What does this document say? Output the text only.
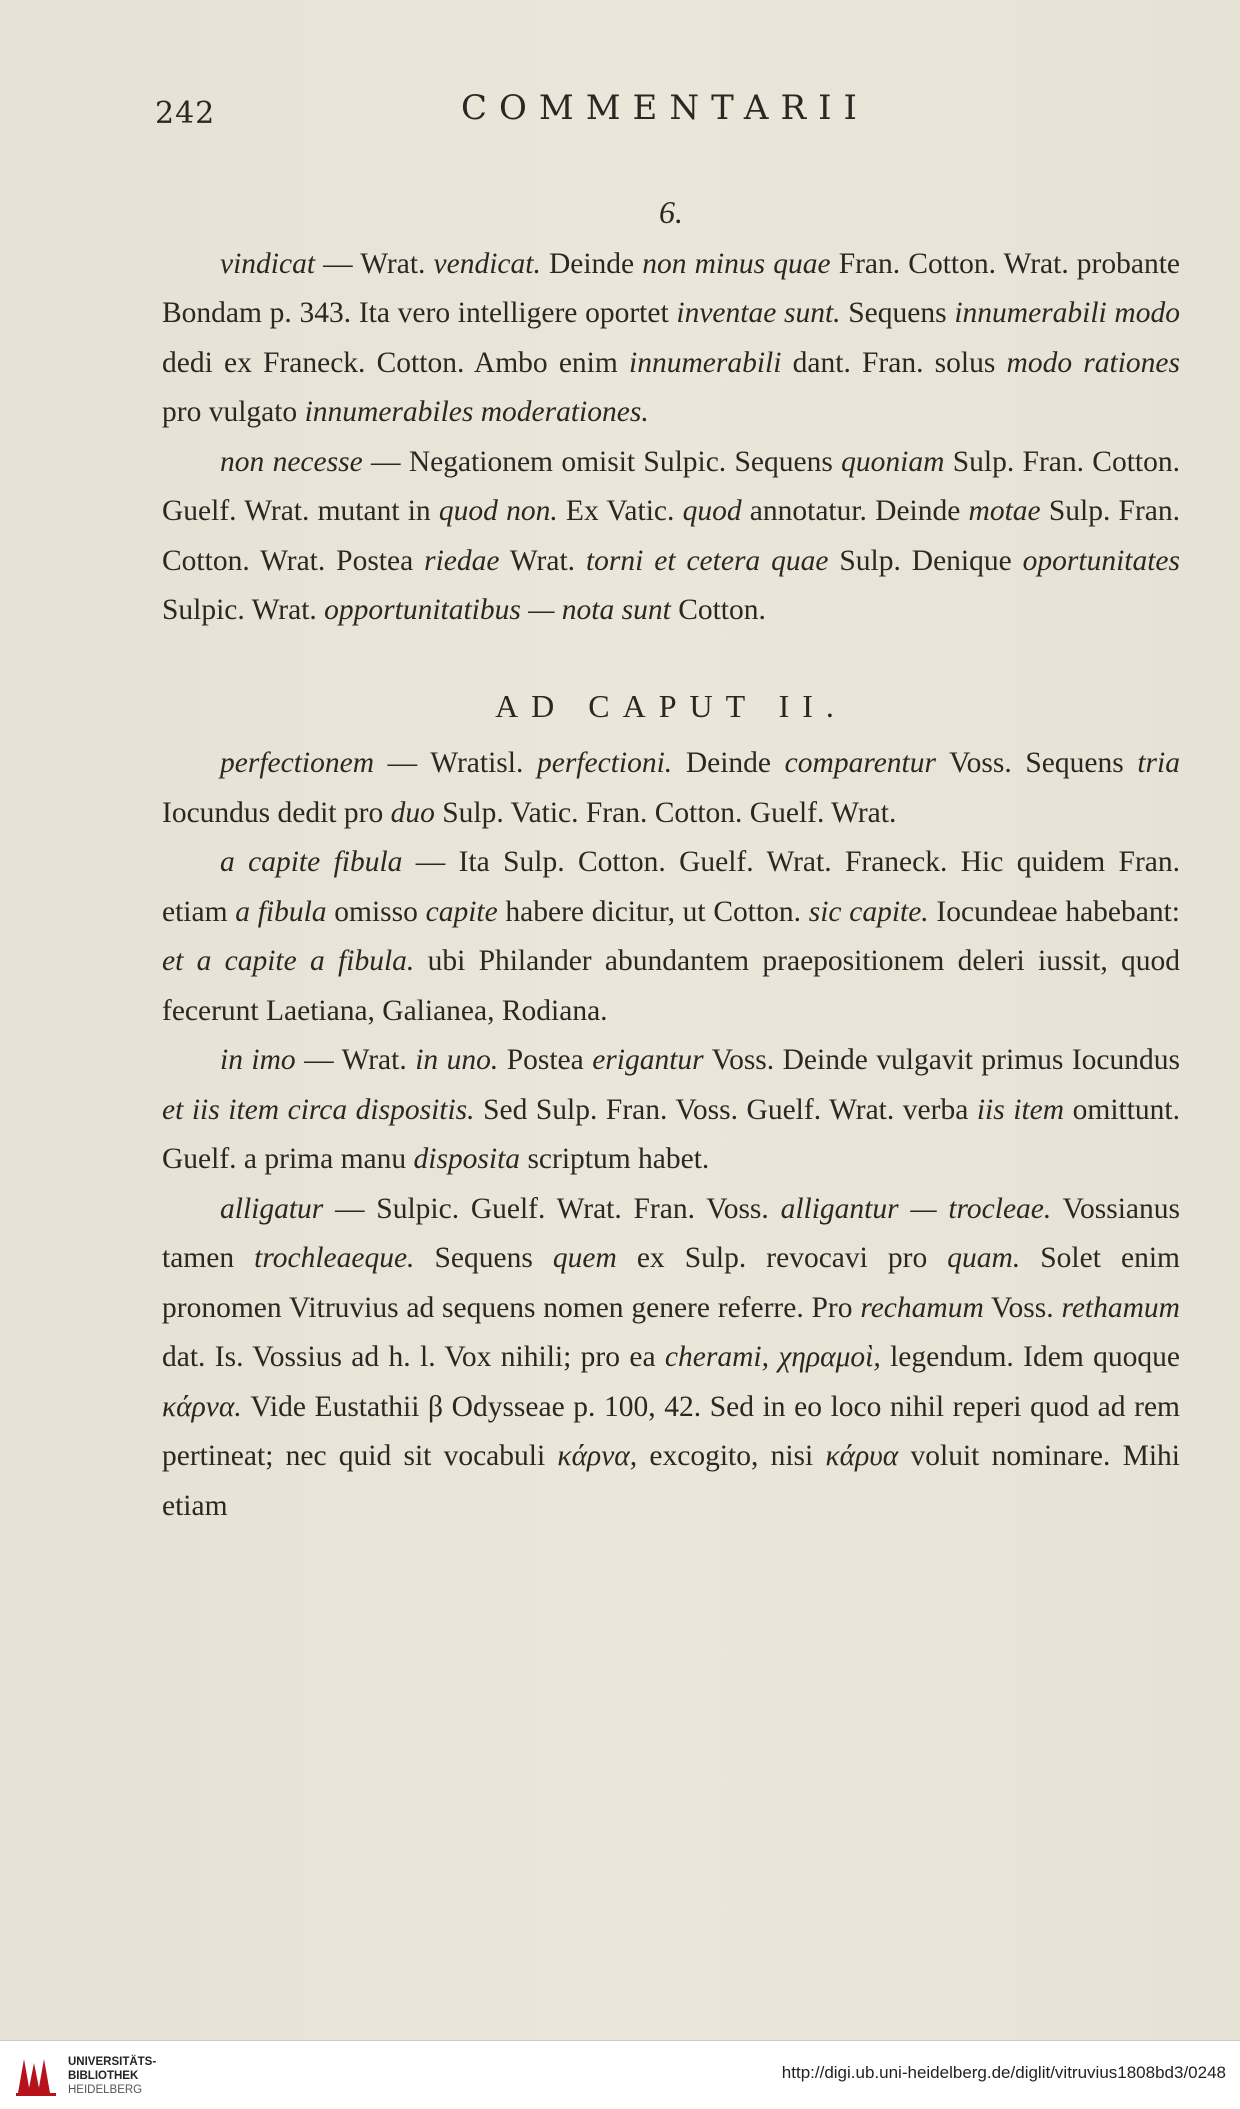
242	COMMENTARII

6.

vindicat — Wrat. vendicat. Deinde non minus quae Fran. Cotton. Wrat. probante Bondam p. 343. Ita vero intelligere oportet inventae sunt. Sequens innumerabili modo dedi ex Franeck. Cotton. Ambo enim innumerabili dant. Fran. solus modo rationes pro vulgato innumerabiles moderationes.

non necesse — Negationem omisit Sulpic. Sequens quoniam Sulp. Fran. Cotton. Guelf. Wrat. mutant in quod non. Ex Vatic. quod annotatur. Deinde motae Sulp. Fran. Cotton. Wrat. Postea riedae Wrat. torni et cetera quae Sulp. Denique oportunitates Sulpic. Wrat. opportunitatibus — nota sunt Cotton.

AD CAPUT II.

perfectionem — Wratisl. perfectioni. Deinde comparentur Voss. Sequens tria Iocundus dedit pro duo Sulp. Vatic. Fran. Cotton. Guelf. Wrat.

a capite fibula — Ita Sulp. Cotton. Guelf. Wrat. Franeck. Hic quidem Fran. etiam a fibula omisso capite habere dicitur, ut Cotton. sic capite. Iocundeae habebant: et a capite a fibula. ubi Philander abundantem praepositionem deleri iussit, quod fecerunt Laetiana, Galianea, Rodiana.

in imo — Wrat. in uno. Postea erigantur Voss. Deinde vulgavit primus Iocundus et iis item circa dispositis. Sed Sulp. Fran. Voss. Guelf. Wrat. verba iis item omittunt. Guelf. a prima manu disposita scriptum habet.

alligatur — Sulpic. Guelf. Wrat. Fran. Voss. alligantur — trocleae. Vossianus tamen trochleaeque. Sequens quem ex Sulp. revocavi pro quam. Solet enim pronomen Vitruvius ad sequens nomen genere referre. Pro rechamum Voss. rethamum dat. Is. Vossius ad h. l. Vox nihili; pro ea cherami, χηραμοὶ, legendum. Idem quoque κάρνα. Vide Eustathii β Odysseae p. 100, 42. Sed in eo loco nihil reperi quod ad rem pertineat; nec quid sit vocabuli κάρνα, excogito, nisi κάρυα voluit nominare. Mihi etiam

UNIVERSITÄTS-
BIBLIOTHEK
HEIDELBERG
http://digi.ub.uni-heidelberg.de/diglit/vitruvius1808bd3/0248
